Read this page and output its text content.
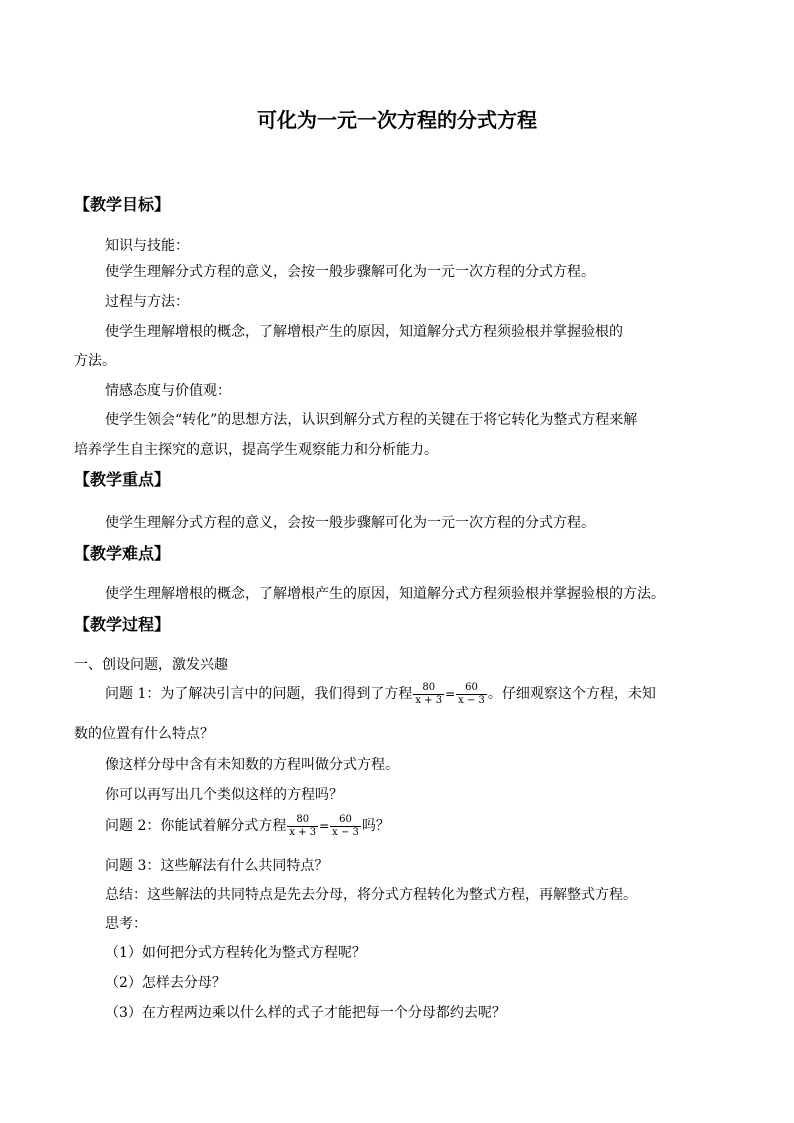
可化为一元一次方程的分式方程
【教学目标】
知识与技能：
使学生理解分式方程的意义，会按一般步骤解可化为一元一次方程的分式方程。
过程与方法：
使学生理解增根的概念，了解增根产生的原因，知道解分式方程须验根并掌握验根的
方法。
情感态度与价值观：
使学生领会“转化”的思想方法，认识到解分式方程的关键在于将它转化为整式方程来解
培养学生自主探究的意识，提高学生观察能力和分析能力。
【教学重点】
使学生理解分式方程的意义，会按一般步骤解可化为一元一次方程的分式方程。
【教学难点】
使学生理解增根的概念，了解增根产生的原因，知道解分式方程须验根并掌握验根的方法。
【教学过程】
一、创设问题，激发兴趣
问题 1：为了解决引言中的问题，我们得到了方程 $\frac{80}{x + 3} = \frac{60}{x - 3}$ 。仔细观察这个方程，未知
数的位置有什么特点？
像这样分母中含有未知数的方程叫做分式方程。
你可以再写出几个类似这样的方程吗？
问题 2：你能试着解分式方程 $\frac{80}{x + 3} = \frac{60}{x - 3}$ 吗？
问题 3：这些解法有什么共同特点？
总结：这些解法的共同特点是先去分母，将分式方程转化为整式方程，再解整式方程。
思考：
（1）如何把分式方程转化为整式方程呢？
（2）怎样去分母？
（3）在方程两边乘以什么样的式子才能把每一个分母都约去呢？
